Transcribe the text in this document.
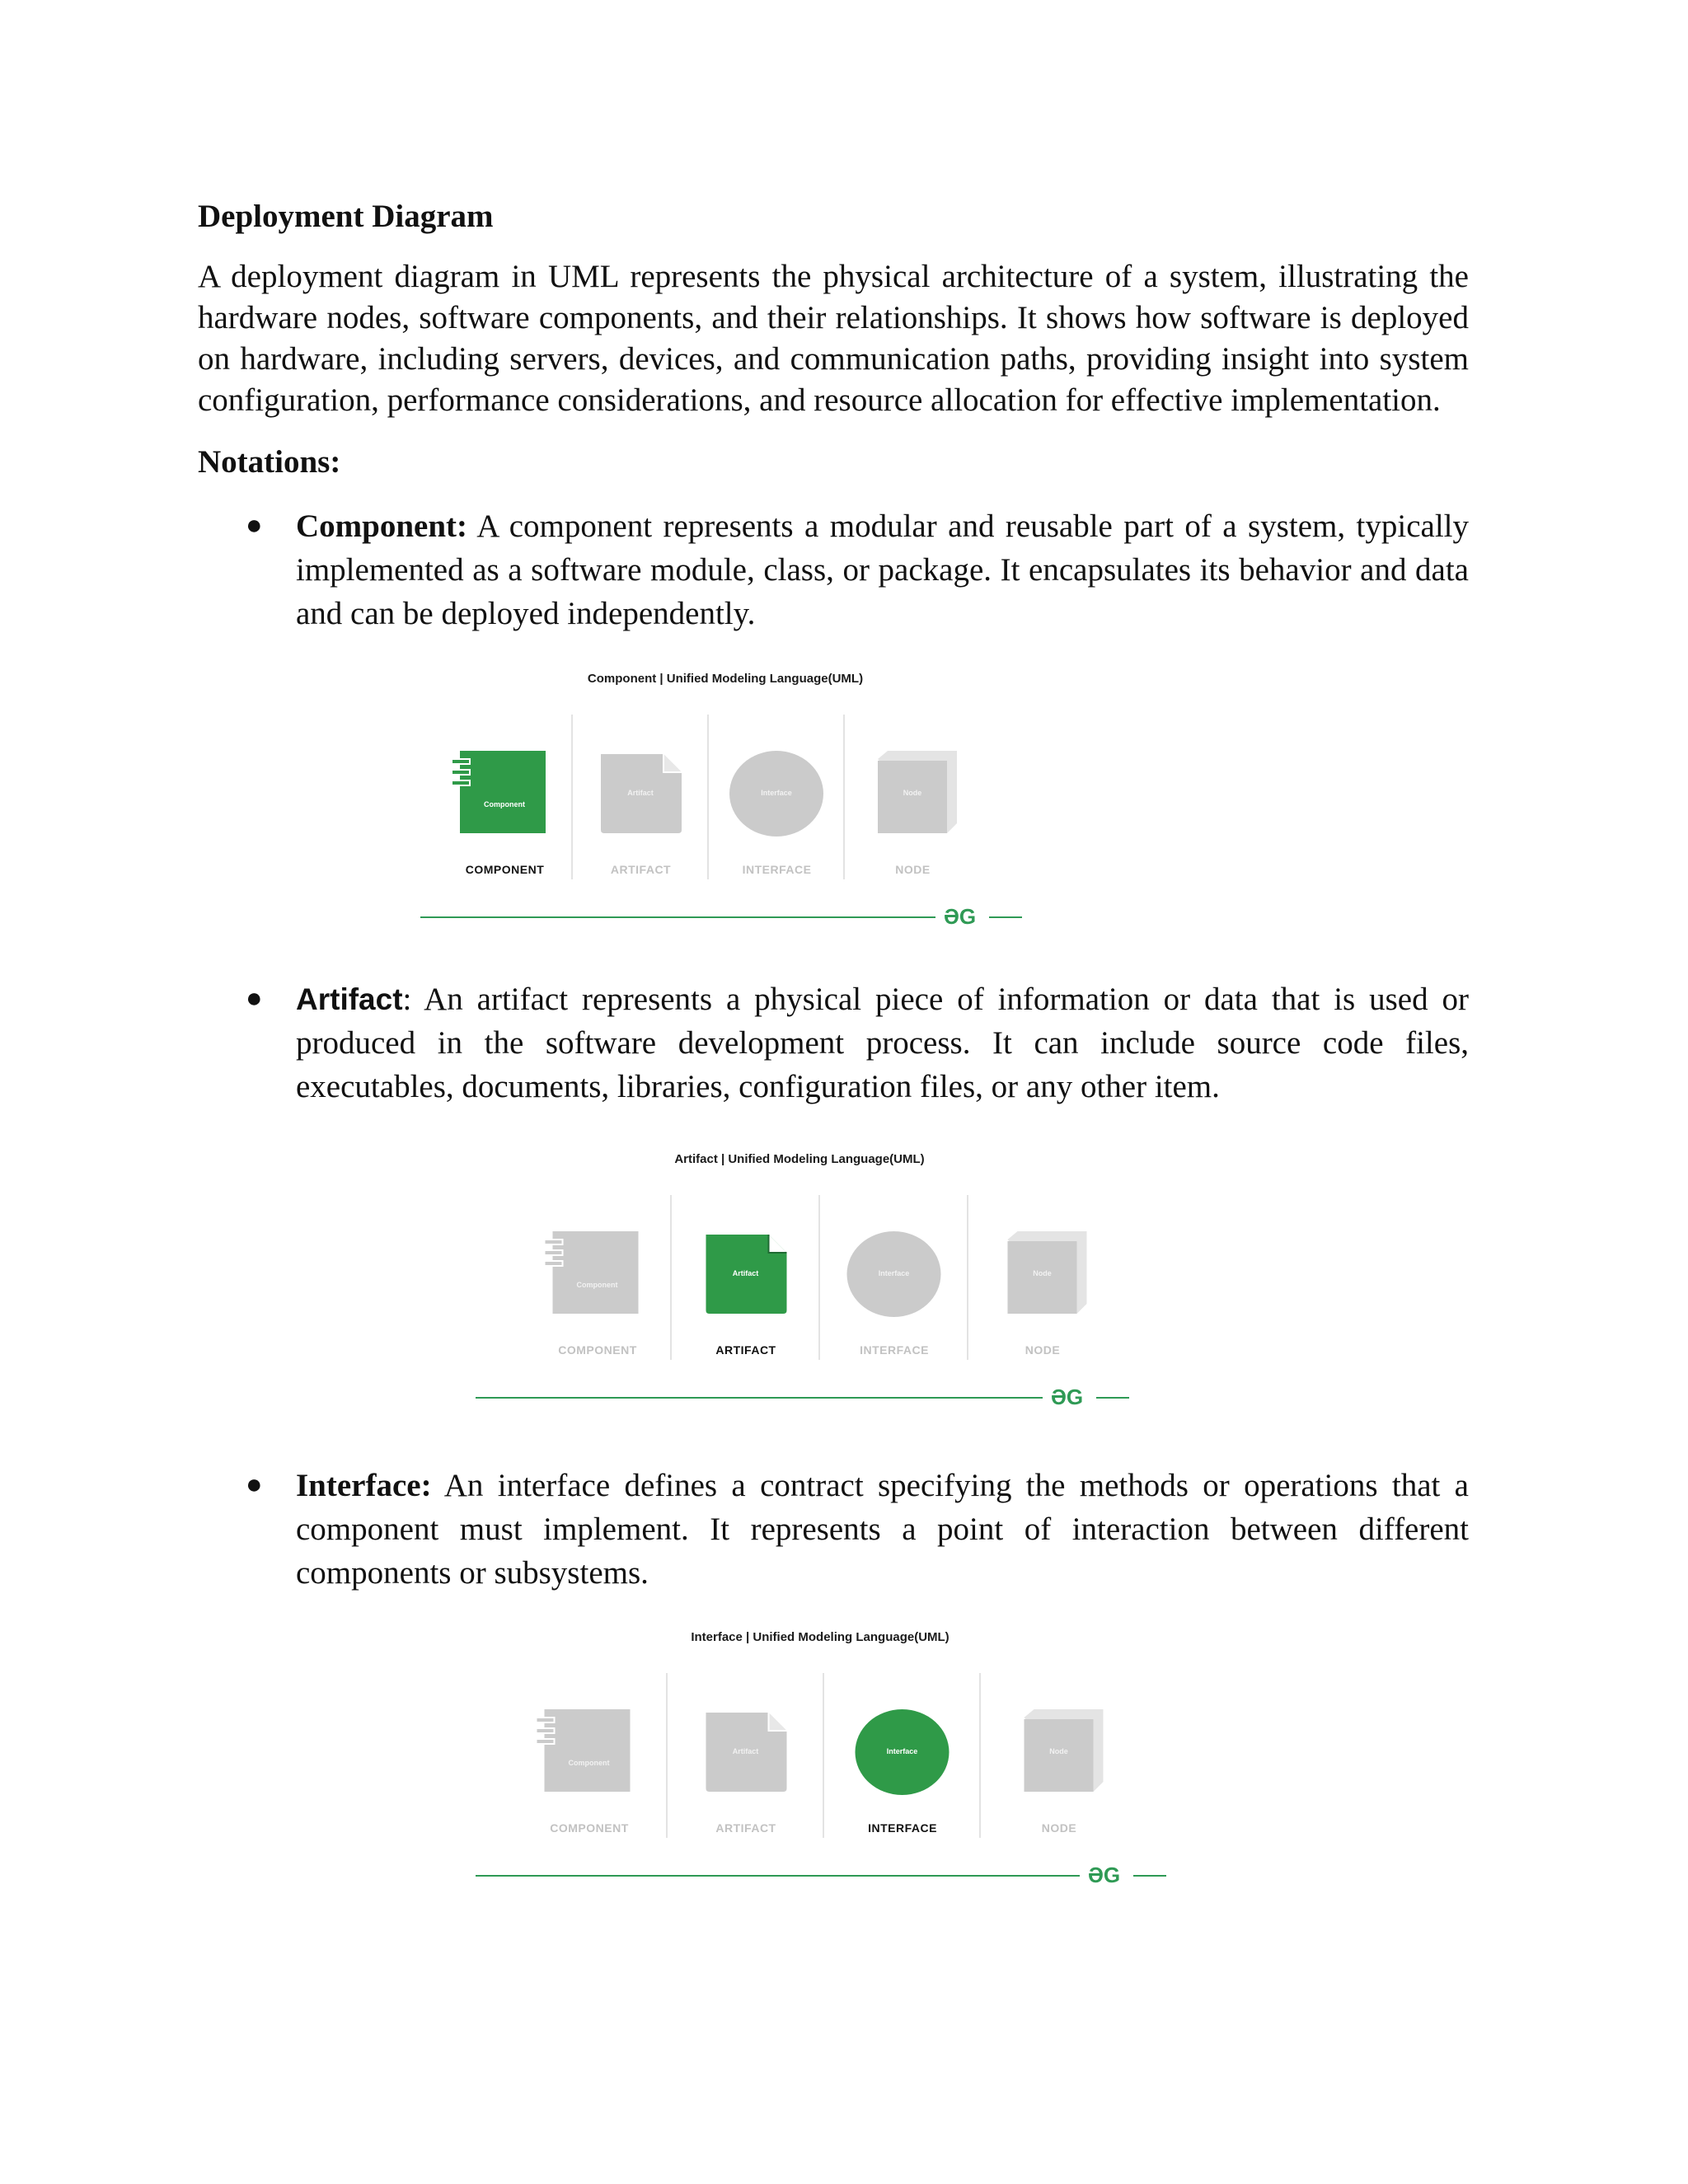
Deployment Diagram

A deployment diagram in UML represents the physical architecture of a system, illustrating the hardware nodes, software components, and their relationships. It shows how software is deployed on hardware, including servers, devices, and communication paths, providing insight into system configuration, performance considerations, and resource allocation for effective implementation.

Notations:
● Component: A component represents a modular and reusable part of a system, typically implemented as a software module, class, or package. It encapsulates its behavior and data and can be deployed independently.

Component | Unified Modeling Language(UML)
Component
COMPONENT
Artifact
ARTIFACT
Interface
INTERFACE
Node
NODE
ƏG
● Artifact: An artifact represents a physical piece of information or data that is used or produced in the software development process. It can include source code files, executables, documents, libraries, configuration files, or any other item.

Artifact | Unified Modeling Language(UML)
Component
COMPONENT
Artifact
ARTIFACT
Interface
INTERFACE
Node
NODE
ƏG
● Interface: An interface defines a contract specifying the methods or operations that a component must implement. It represents a point of interaction between different components or subsystems.

Interface | Unified Modeling Language(UML)
Component
COMPONENT
Artifact
ARTIFACT
Interface
INTERFACE
Node
NODE
ƏG
